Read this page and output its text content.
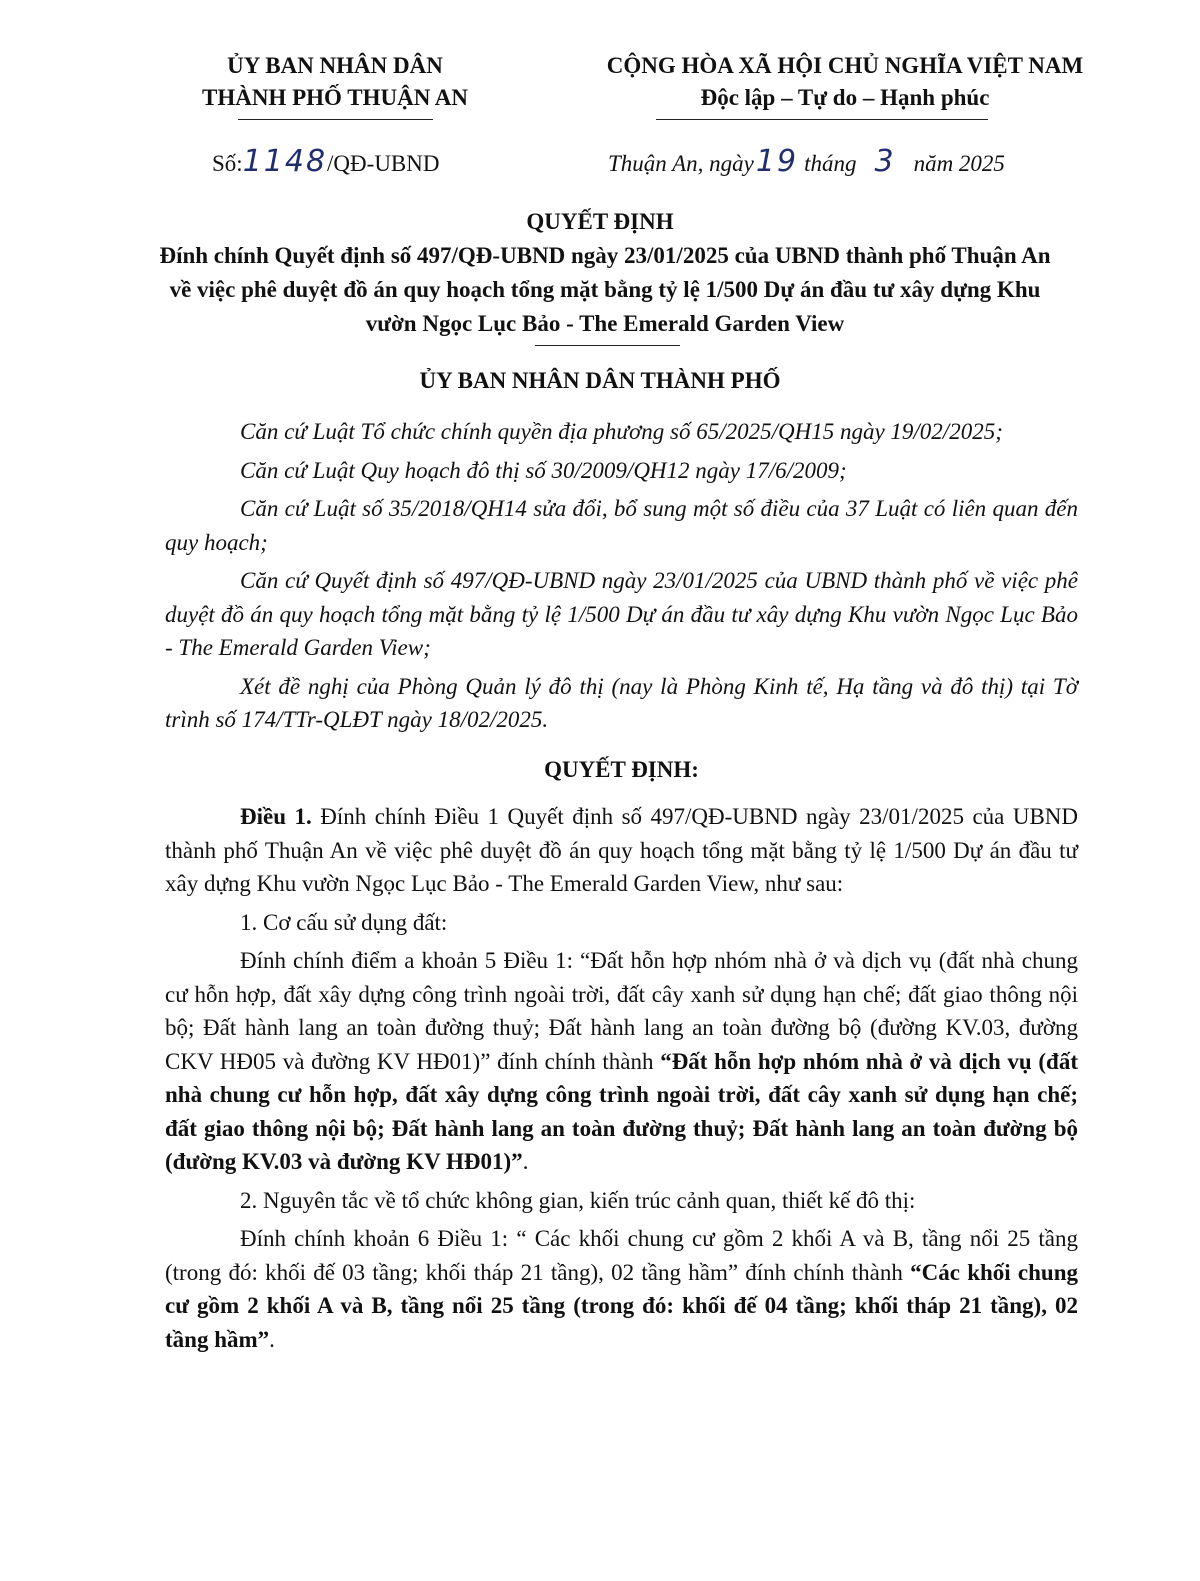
ỦY BAN NHÂN DÂN
THÀNH PHỐ THUẬN AN
CỘNG HÒA XÃ HỘI CHỦ NGHĨA VIỆT NAM
Độc lập – Tự do – Hạnh phúc
Số:1148/QĐ-UBND	Thuận An, ngày19 tháng 3 năm 2025
QUYẾT ĐỊNH
Đính chính Quyết định số 497/QĐ-UBND ngày 23/01/2025 của UBND thành phố Thuận An về việc phê duyệt đồ án quy hoạch tổng mặt bằng tỷ lệ 1/500 Dự án đầu tư xây dựng Khu vườn Ngọc Lục Bảo - The Emerald Garden View
ỦY BAN NHÂN DÂN THÀNH PHỐ

Căn cứ Luật Tổ chức chính quyền địa phương số 65/2025/QH15 ngày 19/02/2025;

Căn cứ Luật Quy hoạch đô thị số 30/2009/QH12 ngày 17/6/2009;

Căn cứ Luật số 35/2018/QH14 sửa đổi, bổ sung một số điều của 37 Luật có liên quan đến quy hoạch;

Căn cứ Quyết định số 497/QĐ-UBND ngày 23/01/2025 của UBND thành phố về việc phê duyệt đồ án quy hoạch tổng mặt bằng tỷ lệ 1/500 Dự án đầu tư xây dựng Khu vườn Ngọc Lục Bảo - The Emerald Garden View;

Xét đề nghị của Phòng Quản lý đô thị (nay là Phòng Kinh tế, Hạ tầng và đô thị) tại Tờ trình số 174/TTr-QLĐT ngày 18/02/2025.

QUYẾT ĐỊNH:

Điều 1. Đính chính Điều 1 Quyết định số 497/QĐ-UBND ngày 23/01/2025 của UBND thành phố Thuận An về việc phê duyệt đồ án quy hoạch tổng mặt bằng tỷ lệ 1/500 Dự án đầu tư xây dựng Khu vườn Ngọc Lục Bảo - The Emerald Garden View, như sau:

1. Cơ cấu sử dụng đất:

Đính chính điểm a khoản 5 Điều 1: “Đất hỗn hợp nhóm nhà ở và dịch vụ (đất nhà chung cư hỗn hợp, đất xây dựng công trình ngoài trời, đất cây xanh sử dụng hạn chế; đất giao thông nội bộ; Đất hành lang an toàn đường thuỷ; Đất hành lang an toàn đường bộ (đường KV.03, đường CKV HĐ05 và đường KV HĐ01)” đính chính thành “Đất hỗn hợp nhóm nhà ở và dịch vụ (đất nhà chung cư hỗn hợp, đất xây dựng công trình ngoài trời, đất cây xanh sử dụng hạn chế; đất giao thông nội bộ; Đất hành lang an toàn đường thuỷ; Đất hành lang an toàn đường bộ (đường KV.03 và đường KV HĐ01)”.

2. Nguyên tắc về tổ chức không gian, kiến trúc cảnh quan, thiết kế đô thị:

Đính chính khoản 6 Điều 1: “ Các khối chung cư gồm 2 khối A và B, tầng nổi 25 tầng (trong đó: khối đế 03 tầng; khối tháp 21 tầng), 02 tầng hầm” đính chính thành “Các khối chung cư gồm 2 khối A và B, tầng nổi 25 tầng (trong đó: khối đế 04 tầng; khối tháp 21 tầng), 02 tầng hầm”.
